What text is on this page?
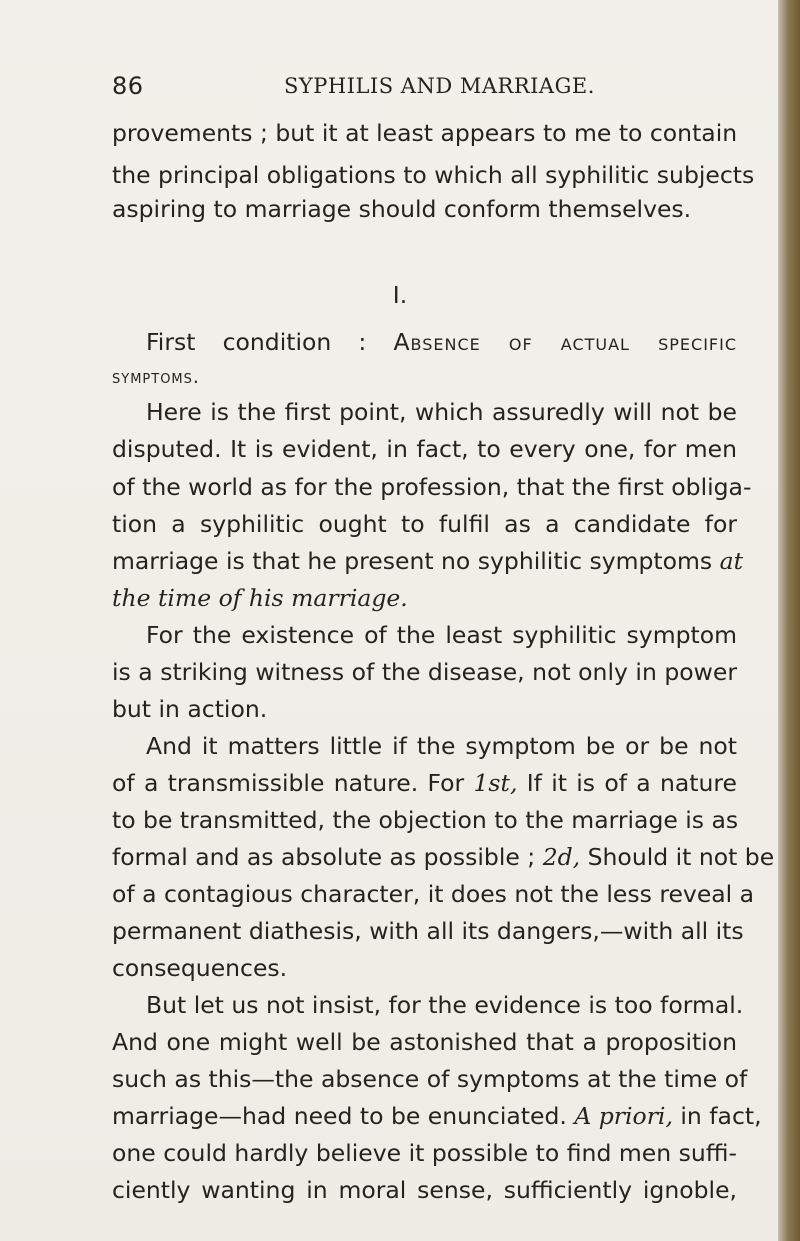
86	SYPHILIS AND MARRIAGE.
provements ; but it at least appears to me to contain
the principal obligations to which all syphilitic subjects
aspiring to marriage should conform themselves.
I.
First condition : Absence of actual specific
symptoms.
Here is the first point, which assuredly will not be
disputed. It is evident, in fact, to every one, for men
of the world as for the profession, that the first obliga-
tion a syphilitic ought to fulfil as a candidate for
marriage is that he present no syphilitic symptoms at
the time of his marriage.
For the existence of the least syphilitic symptom
is a striking witness of the disease, not only in power
but in action.
And it matters little if the symptom be or be not
of a transmissible nature. For 1st, If it is of a nature
to be transmitted, the objection to the marriage is as
formal and as absolute as possible ; 2d, Should it not be
of a contagious character, it does not the less reveal a
permanent diathesis, with all its dangers,—with all its
consequences.
But let us not insist, for the evidence is too formal.
And one might well be astonished that a proposition
such as this—the absence of symptoms at the time of
marriage—had need to be enunciated. A priori, in fact,
one could hardly believe it possible to find men suffi-
ciently wanting in moral sense, sufficiently ignoble,
